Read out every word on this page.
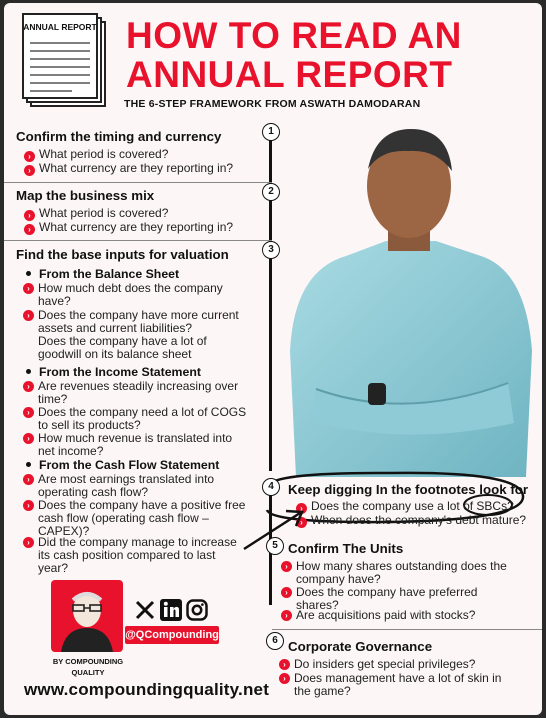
ANNUAL REPORT HOW TO READ AN
ANNUAL REPORT
THE 6-STEP FRAMEWORK FROM ASWATH DAMODARAN
1
Confirm the timing and currency
› What period is covered?
› What currency are they reporting in?
2
Map the business mix
› What period is covered?
› What currency are they reporting in?
3
Find the base inputs for valuation
From the Balance Sheet
› How much debt does the company
have?
› Does the company have more current
assets and current liabilities?
Does the company have a lot of
goodwill on its balance sheet
From the Income Statement
› Are revenues steadily increasing over
time?
› Does the company need a lot of COGS
to sell its products?
› How much revenue is translated into
net income?
From the Cash Flow Statement
› Are most earnings translated into
operating cash flow?
› Does the company have a positive free
cash flow (operating cash flow –
CAPEX)?
› Did the company manage to increase
its cash position compared to last
year?
4	Keep digging In the footnotes look for
› Does the company use a lot of SBCs?
› When does the company's debt mature?
5 Confirm The Units
› How many shares outstanding does the
company have?
› Does the company have preferred
shares?
› Are acquisitions paid with stocks?
6 Corporate Governance
› Do insiders get special privileges?
› Does management have a lot of skin in
the game?
BY COMPOUNDING
QUALITY
@QCompounding
www.compoundingquality.net
